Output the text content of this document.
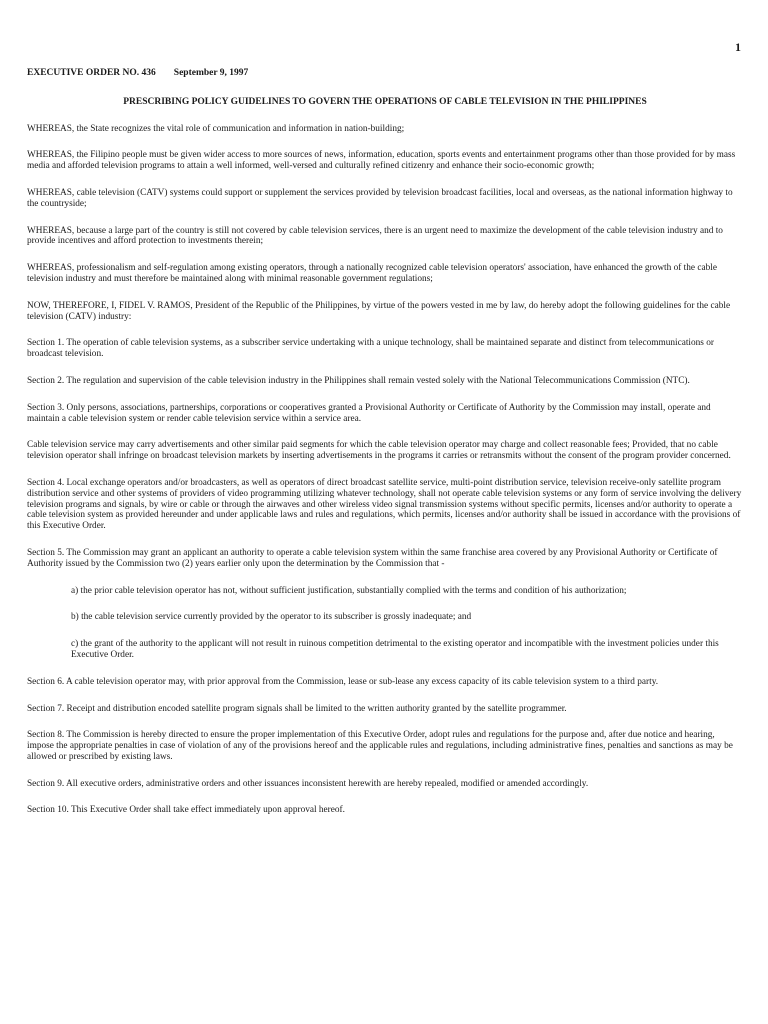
1
EXECUTIVE ORDER NO. 436 September 9, 1997
PRESCRIBING POLICY GUIDELINES TO GOVERN THE OPERATIONS OF CABLE TELEVISION IN THE PHILIPPINES
WHEREAS, the State recognizes the vital role of communication and information in nation-building;
WHEREAS, the Filipino people must be given wider access to more sources of news, information, education, sports events and entertainment programs other than those provided for by mass media and afforded television programs to attain a well informed, well-versed and culturally refined citizenry and enhance their socio-economic growth;
WHEREAS, cable television (CATV) systems could support or supplement the services provided by television broadcast facilities, local and overseas, as the national information highway to the countryside;
WHEREAS, because a large part of the country is still not covered by cable television services, there is an urgent need to maximize the development of the cable television industry and to provide incentives and afford protection to investments therein;
WHEREAS, professionalism and self-regulation among existing operators, through a nationally recognized cable television operators' association, have enhanced the growth of the cable television industry and must therefore be maintained along with minimal reasonable government regulations;
NOW, THEREFORE, I, FIDEL V. RAMOS, President of the Republic of the Philippines, by virtue of the powers vested in me by law, do hereby adopt the following guidelines for the cable television (CATV) industry:
Section 1. The operation of cable television systems, as a subscriber service undertaking with a unique technology, shall be maintained separate and distinct from telecommunications or broadcast television.
Section 2. The regulation and supervision of the cable television industry in the Philippines shall remain vested solely with the National Telecommunications Commission (NTC).
Section 3. Only persons, associations, partnerships, corporations or cooperatives granted a Provisional Authority or Certificate of Authority by the Commission may install, operate and maintain a cable television system or render cable television service within a service area.
Cable television service may carry advertisements and other similar paid segments for which the cable television operator may charge and collect reasonable fees; Provided, that no cable television operator shall infringe on broadcast television markets by inserting advertisements in the programs it carries or retransmits without the consent of the program provider concerned.
Section 4. Local exchange operators and/or broadcasters, as well as operators of direct broadcast satellite service, multi-point distribution service, television receive-only satellite program distribution service and other systems of providers of video programming utilizing whatever technology, shall not operate cable television systems or any form of service involving the delivery television programs and signals, by wire or cable or through the airwaves and other wireless video signal transmission systems without specific permits, licenses and/or authority to operate a cable television system as provided hereunder and under applicable laws and rules and regulations, which permits, licenses and/or authority shall be issued in accordance with the provisions of this Executive Order.
Section 5. The Commission may grant an applicant an authority to operate a cable television system within the same franchise area covered by any Provisional Authority or Certificate of Authority issued by the Commission two (2) years earlier only upon the determination by the Commission that -
a) the prior cable television operator has not, without sufficient justification, substantially complied with the terms and condition of his authorization;
b) the cable television service currently provided by the operator to its subscriber is grossly inadequate; and
c) the grant of the authority to the applicant will not result in ruinous competition detrimental to the existing operator and incompatible with the investment policies under this Executive Order.
Section 6. A cable television operator may, with prior approval from the Commission, lease or sub-lease any excess capacity of its cable television system to a third party.
Section 7. Receipt and distribution encoded satellite program signals shall be limited to the written authority granted by the satellite programmer.
Section 8. The Commission is hereby directed to ensure the proper implementation of this Executive Order, adopt rules and regulations for the purpose and, after due notice and hearing, impose the appropriate penalties in case of violation of any of the provisions hereof and the applicable rules and regulations, including administrative fines, penalties and sanctions as may be allowed or prescribed by existing laws.
Section 9. All executive orders, administrative orders and other issuances inconsistent herewith are hereby repealed, modified or amended accordingly.
Section 10. This Executive Order shall take effect immediately upon approval hereof.
